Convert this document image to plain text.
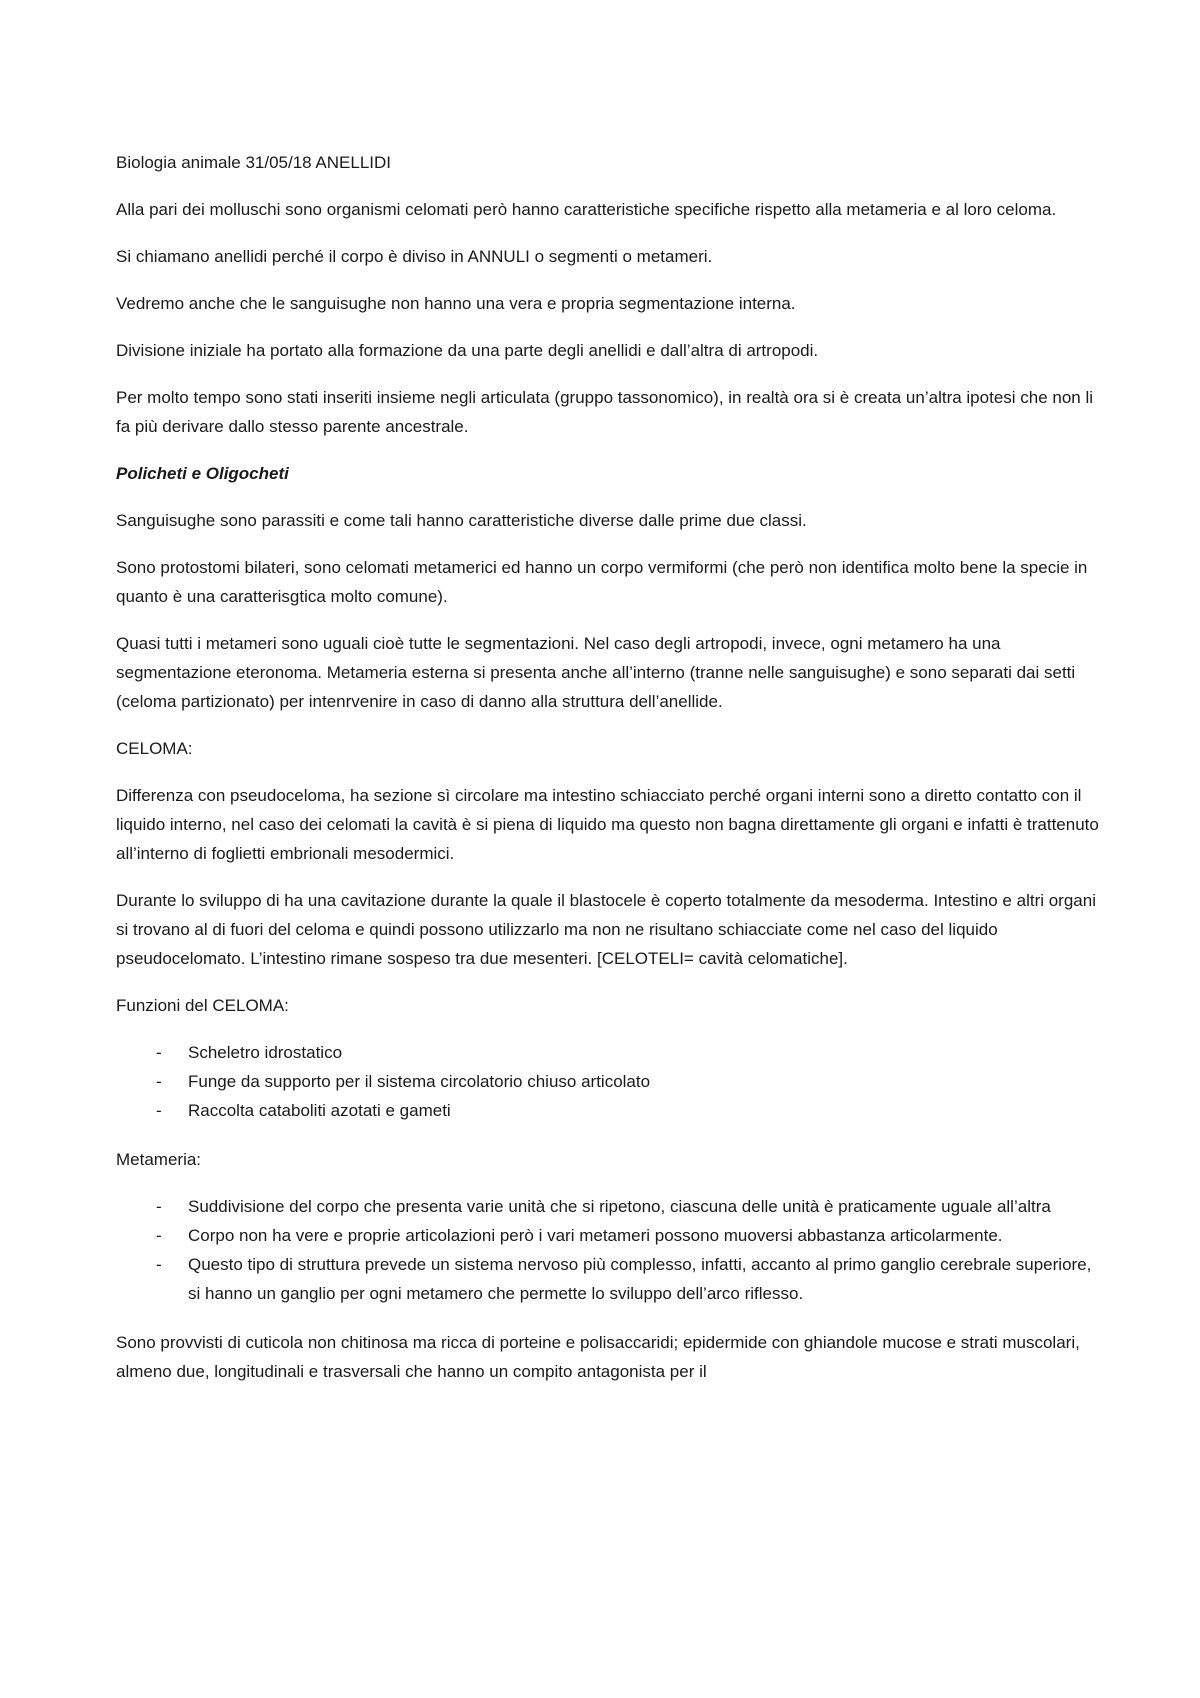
Biologia animale 31/05/18 ANELLIDI

Alla pari dei molluschi sono organismi celomati però hanno caratteristiche specifiche rispetto alla metameria e al loro celoma.

Si chiamano anellidi perché il corpo è diviso in ANNULI o segmenti o metameri.

Vedremo anche che le sanguisughe non hanno una vera e propria segmentazione interna.

Divisione iniziale ha portato alla formazione da una parte degli anellidi e dall’altra di artropodi.

Per molto tempo sono stati inseriti insieme negli articulata (gruppo tassonomico), in realtà ora si è creata un’altra ipotesi che non li fa più derivare dallo stesso parente ancestrale.

Policheti e Oligocheti

Sanguisughe sono parassiti e come tali hanno caratteristiche diverse dalle prime due classi.

Sono protostomi bilateri, sono celomati metamerici ed hanno un corpo vermiformi (che però non identifica molto bene la specie in quanto è una caratterisgtica molto comune).

Quasi tutti i metameri sono uguali cioè tutte le segmentazioni. Nel caso degli artropodi, invece, ogni metamero ha una segmentazione eteronoma. Metameria esterna si presenta anche all’interno (tranne nelle sanguisughe) e sono separati dai setti (celoma partizionato) per intenrvenire in caso di danno alla struttura dell’anellide.

CELOMA:

Differenza con pseudoceloma, ha sezione sì circolare ma intestino schiacciato perché organi interni sono a diretto contatto con il liquido interno, nel caso dei celomati la cavità è si piena di liquido ma questo non bagna direttamente gli organi e infatti è trattenuto all’interno di foglietti embrionali mesodermici.

Durante lo sviluppo di ha una cavitazione durante la quale il blastocele è coperto totalmente da mesoderma. Intestino e altri organi si trovano al di fuori del celoma e quindi possono utilizzarlo ma non ne risultano schiacciate come nel caso del liquido pseudocelomato. L’intestino rimane sospeso tra due mesenteri. [CELOTELI= cavità celomatiche].

Funzioni del CELOMA:

- Scheletro idrostatico
- Funge da supporto per il sistema circolatorio chiuso articolato
- Raccolta cataboliti azotati e gameti

Metameria:

- Suddivisione del corpo che presenta varie unità che si ripetono, ciascuna delle unità è praticamente uguale all’altra
- Corpo non ha vere e proprie articolazioni però i vari metameri possono muoversi abbastanza articolarmente.
- Questo tipo di struttura prevede un sistema nervoso più complesso, infatti, accanto al primo ganglio cerebrale superiore, si hanno un ganglio per ogni metamero che permette lo sviluppo dell’arco riflesso.

Sono provvisti di cuticola non chitinosa ma ricca di porteine e polisaccaridi; epidermide con ghiandole mucose e strati muscolari, almeno due, longitudinali e trasversali che hanno un compito antagonista per il
